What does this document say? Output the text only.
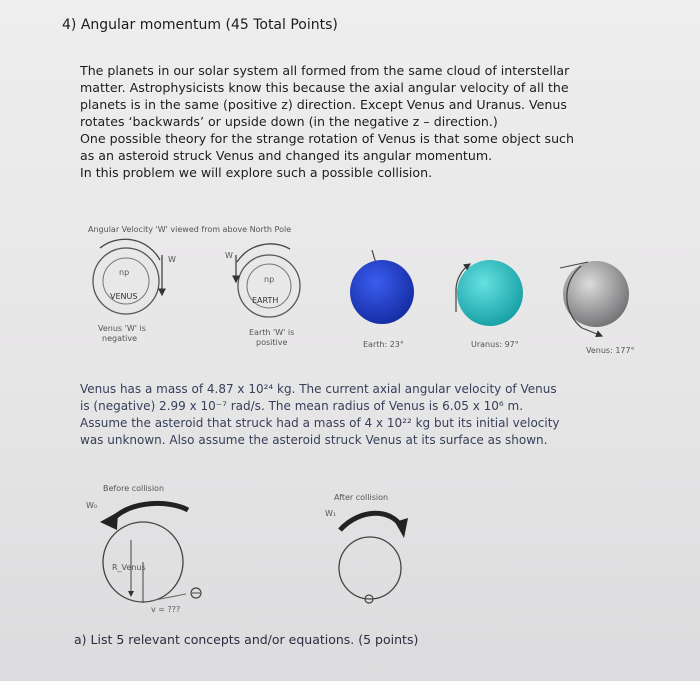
4) Angular momentum (45 Total Points)
The planets in our solar system all formed from the same cloud of interstellar
matter. Astrophysicists know this because the axial angular velocity of all the
planets is in the same (positive z) direction. Except Venus and Uranus. Venus
rotates ‘backwards’ or upside down (in the negative z – direction.)
One possible theory for the strange rotation of Venus is that some object such
as an asteroid struck Venus and changed its angular momentum.
In this problem we will explore such a possible collision.
Angular Velocity 'W' viewed from above North Pole
W
np
VENUS
Venus 'W' is
negative
W
np
EARTH
Earth 'W' is
positive	Earth: 23°	Uranus: 97°
Venus: 177°
Venus has a mass of 4.87 x 10²⁴ kg. The current axial angular velocity of Venus
is (negative) 2.99 x 10⁻⁷ rad/s. The mean radius of Venus is 6.05 x 10⁶ m.
Assume the asteroid that struck had a mass of 4 x 10²² kg but its initial velocity
was unknown. Also assume the asteroid struck Venus at its surface as shown.
Before collision
After collision
W₀
R_Venus
v = ???
W₁
a) List 5 relevant concepts and/or equations. (5 points)
